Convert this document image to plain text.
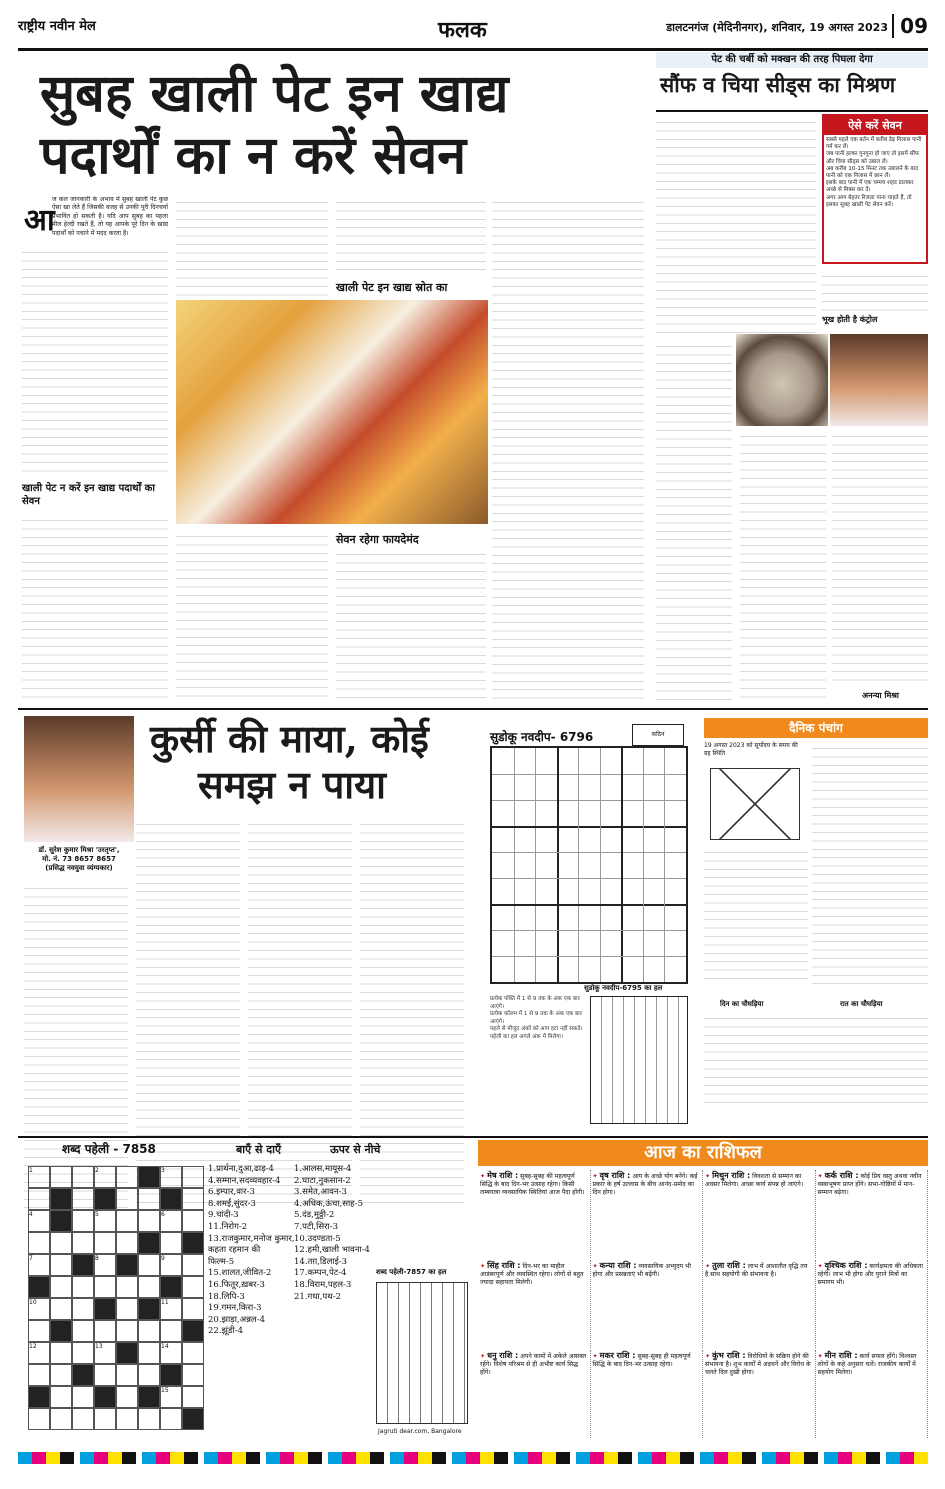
राष्ट्रीय नवीन मेल	फलक	डालटनगंज (मेदिनीनगर), शनिवार, 19 अगस्त 2023 09
सुबह खाली पेट इन खाद्य
पदार्थों का न करें सेवन
आ
ज कल जानकारी के अभाव में सुबह खाली पेट कुछ ऐसा खा लेते हैं जिसकी वजह से उनकी पूरी दिनचर्या प्रभावित हो सकती है। यदि आप सुबह का पहला मील हेल्दी रखते हैं, तो यह आपके पूरे दिन के खाद्य पदार्थों को पचाने में मदद करता है।
खाली पेट न करें इन खाद्य पदार्थों का सेवन
खाली पेट इन खाद्य स्रोत का
सेवन रहेगा फायदेमंद
पेट की चर्बी को मक्खन की तरह पिघला देगा
सौंफ व चिया सीड्स का मिश्रण
ऐसे करें सेवन
सबसे पहले एक बर्तन में करीब डेढ़ गिलास पानी गर्म कर लें।
जब पानी हल्का गुनगुना हो जाए तो इसमें सौंफ और चिया सीड्स को उबाल लें।
अब करीब 10-15 मिनट तक उबालने के बाद पानी को एक गिलास में छान लें।
इसके बाद पानी में एक चम्मच शहद डालकर अच्छे से मिक्स कर दें।
अगर आप बेहतर रिजल्ट पाना चाहते हैं, तो इसका सुबह खाली पेट सेवन करें।
भूख होती है कंट्रोल
अनन्या मिश्रा
डॉ. सुरेश कुमार मिश्रा 'उरतृप्त',
मो. नं. 73 8657 8657
(प्रसिद्ध नवयुवा व्यंग्यकार)
कुर्सी की माया, कोई
समझ न पाया
सुडोकू नवदीप- 6796	कठिन
सुडोकू नवदीप-6795 का हल
प्रत्येक पंक्ति में 1 से 9 तक के अंक एक बार आएंगे।
प्रत्येक कॉलम में 1 से 9 तक के अंक एक बार आएंगे।
पहले से मौजूद अंकों को आप हटा नहीं सकते।
पहेली का हल अगले अंक में मिलेगा।
दैनिक पंचांग
19 अगस्त 2023 को सूर्योदय के समय की ग्रह स्थिति
दिन का चौघड़िया	रात का चौघड़िया
शब्द पहेली - 7858
1	2	3
4	5	6
7	8	9
10	11
12	13	14
15
बाएँ से दाएँ	ऊपर से नीचे
1.प्रार्थना,दुआ,ढाड़-4
4.सम्मान,सदव्यवहार-4
6.इम्पार,वार-3
8.शमईं,सुंदर-3
9.चांदी-3
11.निरोग-2
13.राजकुमार,मनोज कुमार,
कहता रहमान की
फिल्म-5
15.शालत,जीवित-2
16.फितूर,ख़बर-3
18.लिपि-3
19.गमन,किरा-3
20.झाड़ा,अन्नल-4
22.झूंडी-4
1.आलस,मायूस-4
2.घाटा,नुकसान-2
3.समेत,आवन-3
4.अधिक,ऊंचा,साह-5
5.दंड,मुठ्ठी-2
7.पटी,सिरा-3
10.उदण्डता-5
12.हमी,खाली भावना-4
14.तग़,डिलाई-3
17.कम्पन,पेट-4
18.विराम,पहल-3
21.गधा,पथ-2
शब्द पहेली-7857 का हल
Jagruti dear.com, Bangalore
आज का राशिफल
✦ मेष राशि : सुबह-सुबह की महत्वपूर्ण सिद्धि के बाद दिन-भर उत्साह रहेगा। किसी लम्बयात्रा व्यवसायिक स्थितियां आज पैदा होंगी।
✦ वृष राशि : आय के अच्छे योग बनेंगे। कई प्रकार के हर्ष उल्लास के बीच आनंद-प्रमोद का दिन होगा।
✦ मिथुन राशि : विवशता से सम्मान का अवसर मिलेगा। अच्छा कार्य संपन्न हो जाएंगे।
✦ कर्क राशि : कोई प्रिय वस्तु अथवा नवीन वस्त्राभूषण प्राप्त होंगे। सभा-गोष्ठियों में मान-सम्मान बढ़ेगा।
✦ सिंह राशि : दिन-भर का माहौल आडंबरपूर्ण और व्यवस्थित रहेगा। लोगों से बहुत ज्यादा सहायता मिलेगी।
✦ कन्या राशि : व्यवसायिक अभ्युदय भी होगा और प्रसन्नताएं भी बढ़ेंगी।
✦ तुला राशि : लाभ में आशातीत वृद्धि तय है साथ सहयोगी की संभावना है।
✦ वृश्चिक राशि : कार्यक्षमता की अधिकता रहेगी। लाभ भी होगा और पुराने मित्रों का समागम भी।
✦ धनु राशि : अपने कामों में अकेले आसक्त रहेंगे। विशेष परिश्रम से ही अभीष्ट कार्य सिद्ध होंगे।
✦ मकर राशि : सुबह-सुबह ही महत्वपूर्ण सिद्धि के बाद दिन-भर उत्साह रहेगा।
✦ कुंभ राशि : विरोधियों के सक्रिय होने की संभावना है। शुभ कार्यों में अड़चनें और विरोध के चलते दिल दुखी होगा।
✦ मीन राशि : कार्य सफल होंगे। विश्वस्त लोगों के कहे अनुसार चलें। राजकीय कार्यों में सहयोग मिलेगा।
